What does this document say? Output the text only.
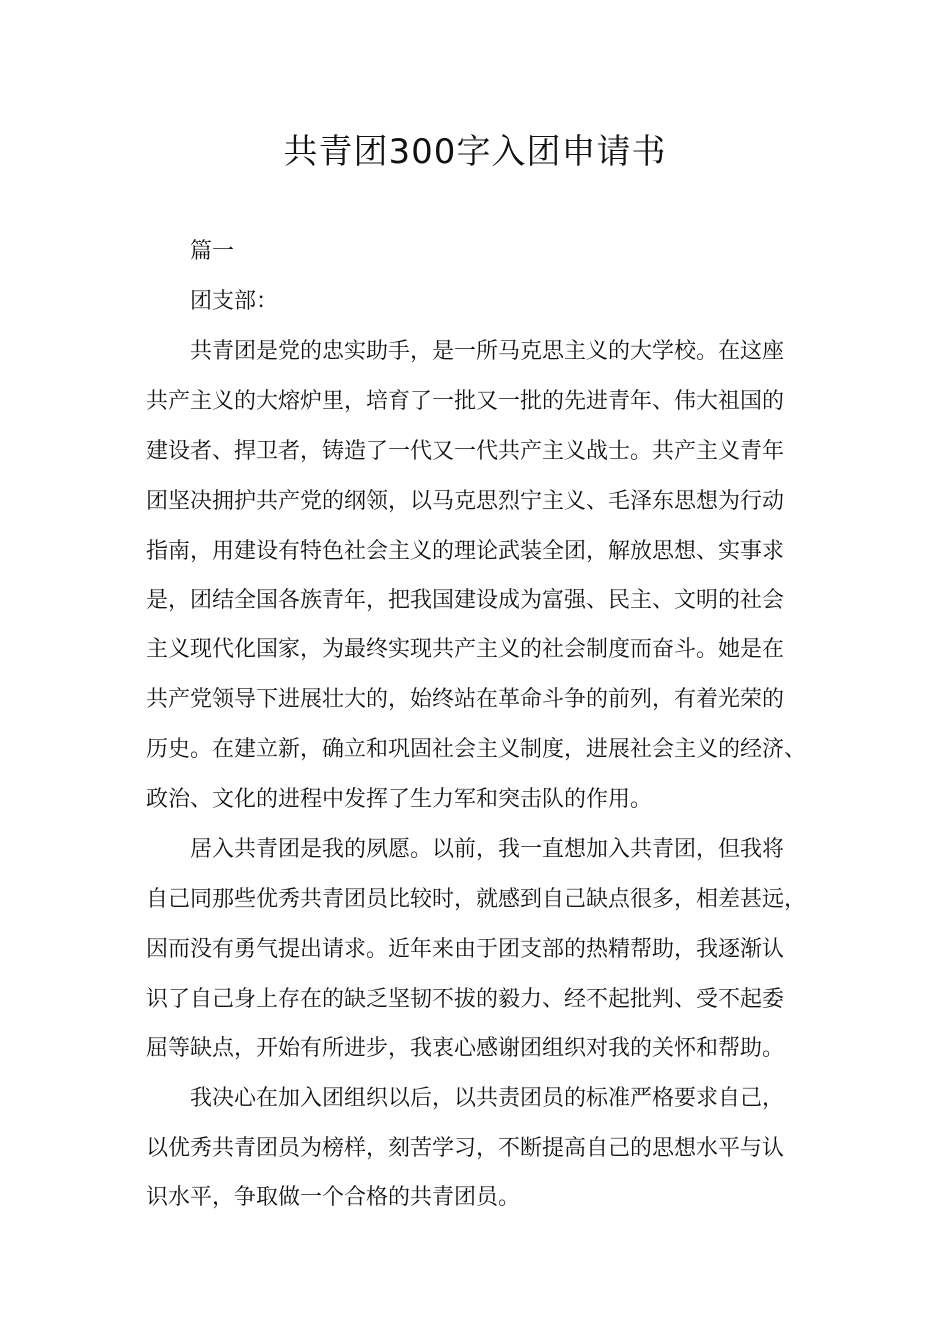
共青团300字入团申请书
篇一
团支部：
共青团是党的忠实助手，是一所马克思主义的大学校。在这座
共产主义的大熔炉里，培育了一批又一批的先进青年、伟大祖国的
建设者、捍卫者，铸造了一代又一代共产主义战士。共产主义青年
团坚决拥护共产党的纲领，以马克思烈宁主义、毛泽东思想为行动
指南，用建设有特色社会主义的理论武装全团，解放思想、实事求
是，团结全国各族青年，把我国建设成为富强、民主、文明的社会
主义现代化国家，为最终实现共产主义的社会制度而奋斗。她是在
共产党领导下进展壮大的，始终站在革命斗争的前列，有着光荣的
历史。在建立新，确立和巩固社会主义制度，进展社会主义的经济、
政治、文化的进程中发挥了生力军和突击队的作用。
居入共青团是我的夙愿。以前，我一直想加入共青团，但我将
自己同那些优秀共青团员比较时，就感到自己缺点很多，相差甚远，
因而没有勇气提出请求。近年来由于团支部的热精帮助，我逐渐认
识了自己身上存在的缺乏坚韧不拔的毅力、经不起批判、受不起委
屈等缺点，开始有所进步，我衷心感谢团组织对我的关怀和帮助。
我决心在加入团组织以后，以共责团员的标准严格要求自己，
以优秀共青团员为榜样，刻苦学习，不断提高自己的思想水平与认
识水平，争取做一个合格的共青团员。
